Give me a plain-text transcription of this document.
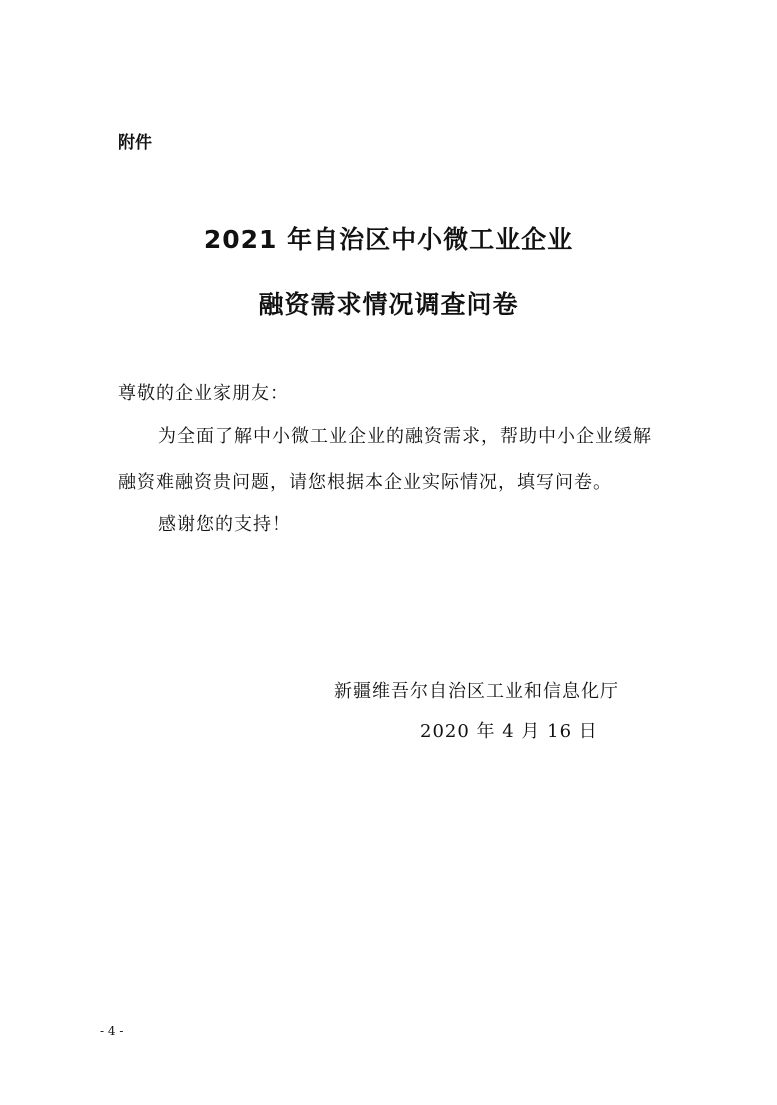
附件
2021 年自治区中小微工业企业
融资需求情况调查问卷
尊敬的企业家朋友：
为全面了解中小微工业企业的融资需求，帮助中小企业缓解
融资难融资贵问题，请您根据本企业实际情况，填写问卷。
感谢您的支持！
新疆维吾尔自治区工业和信息化厅
2020 年 4 月 16 日
- 4 -
